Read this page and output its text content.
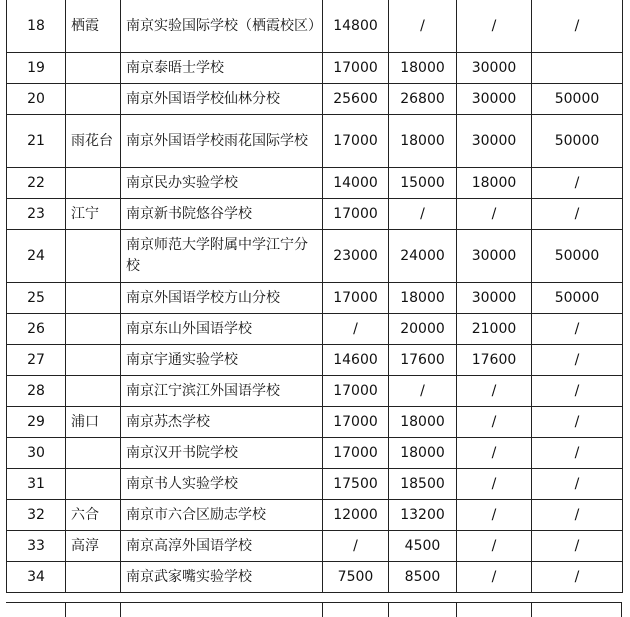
18	栖霞	南京实验国际学校（栖霞校区）	14800	/	/	/
19		南京泰晤士学校	17000	18000	30000	
20		南京外国语学校仙林分校	25600	26800	30000	50000
21	雨花台	南京外国语学校雨花国际学校	17000	18000	30000	50000
22		南京民办实验学校	14000	15000	18000	/
23	江宁	南京新书院悠谷学校	17000	/	/	/
24		南京师范大学附属中学江宁分校	23000	24000	30000	50000
25		南京外国语学校方山分校	17000	18000	30000	50000
26		南京东山外国语学校	/	20000	21000	/
27		南京宇通实验学校	14600	17600	17600	/
28		南京江宁滨江外国语学校	17000	/	/	/
29	浦口	南京苏杰学校	17000	18000	/	/
30		南京汉开书院学校	17000	18000	/	/
31		南京书人实验学校	17500	18500	/	/
32	六合	南京市六合区励志学校	12000	13200	/	/
33	高淳	南京高淳外国语学校	/	4500	/	/
34		南京武家嘴实验学校	7500	8500	/	/
